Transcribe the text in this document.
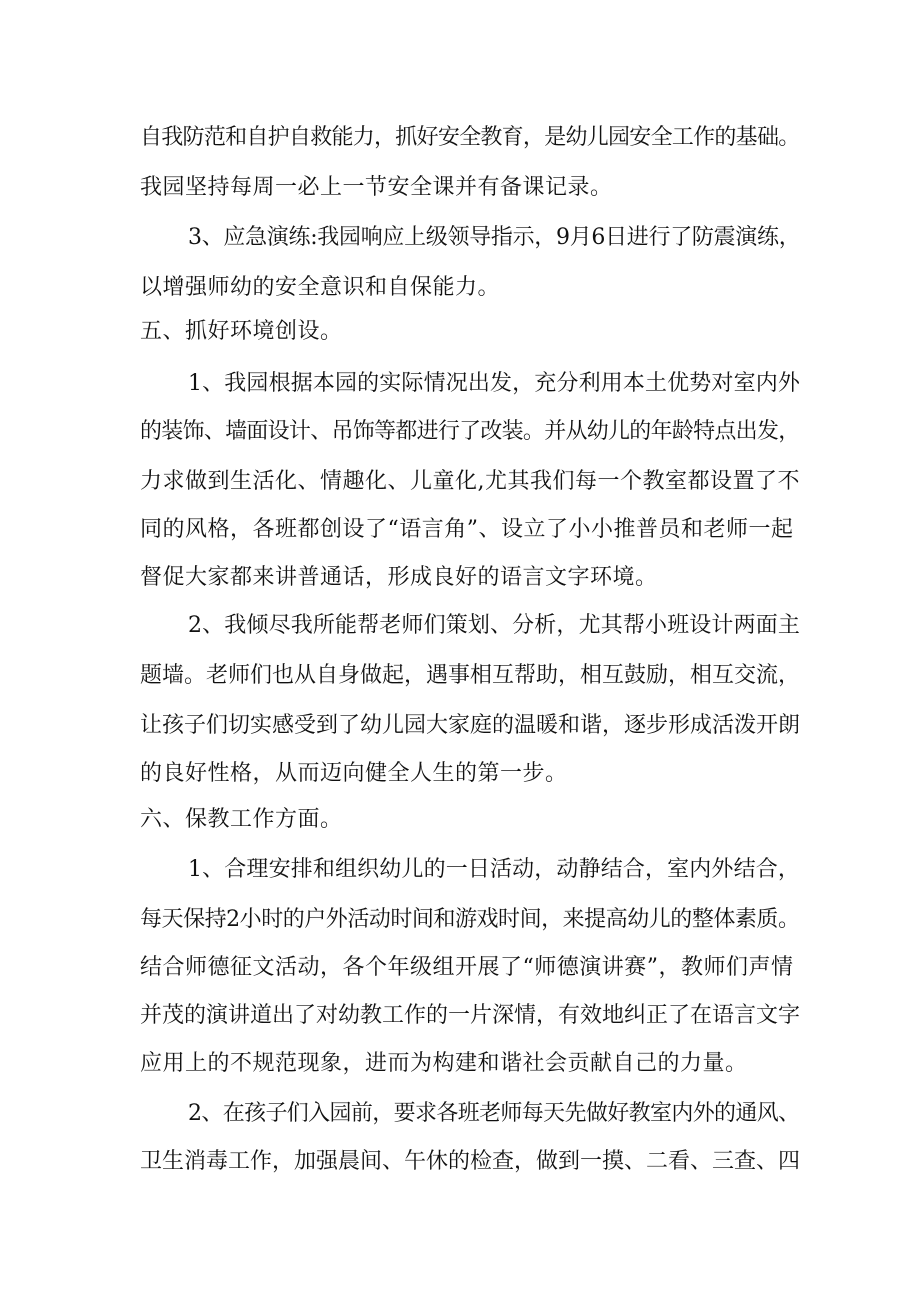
自我防范和自护自救能力，抓好安全教育，是幼儿园安全工作的基础。
我园坚持每周一必上一节安全课并有备课记录。
3、应急演练:我园响应上级领导指示，9月6日进行了防震演练，
以增强师幼的安全意识和自保能力。
五、抓好环境创设。
1、我园根据本园的实际情况出发，充分利用本土优势对室内外
的装饰、墙面设计、吊饰等都进行了改装。并从幼儿的年龄特点出发，
力求做到生活化、情趣化、儿童化,尤其我们每一个教室都设置了不
同的风格，各班都创设了“语言角”、设立了小小推普员和老师一起
督促大家都来讲普通话，形成良好的语言文字环境。
2、我倾尽我所能帮老师们策划、分析，尤其帮小班设计两面主
题墙。老师们也从自身做起，遇事相互帮助，相互鼓励，相互交流，
让孩子们切实感受到了幼儿园大家庭的温暖和谐，逐步形成活泼开朗
的良好性格，从而迈向健全人生的第一步。
六、保教工作方面。
1、合理安排和组织幼儿的一日活动，动静结合，室内外结合，
每天保持2小时的户外活动时间和游戏时间，来提高幼儿的整体素质。
结合师德征文活动，各个年级组开展了“师德演讲赛”，教师们声情
并茂的演讲道出了对幼教工作的一片深情，有效地纠正了在语言文字
应用上的不规范现象，进而为构建和谐社会贡献自己的力量。
2、在孩子们入园前，要求各班老师每天先做好教室内外的通风、
卫生消毒工作，加强晨间、午休的检查，做到一摸、二看、三查、四
